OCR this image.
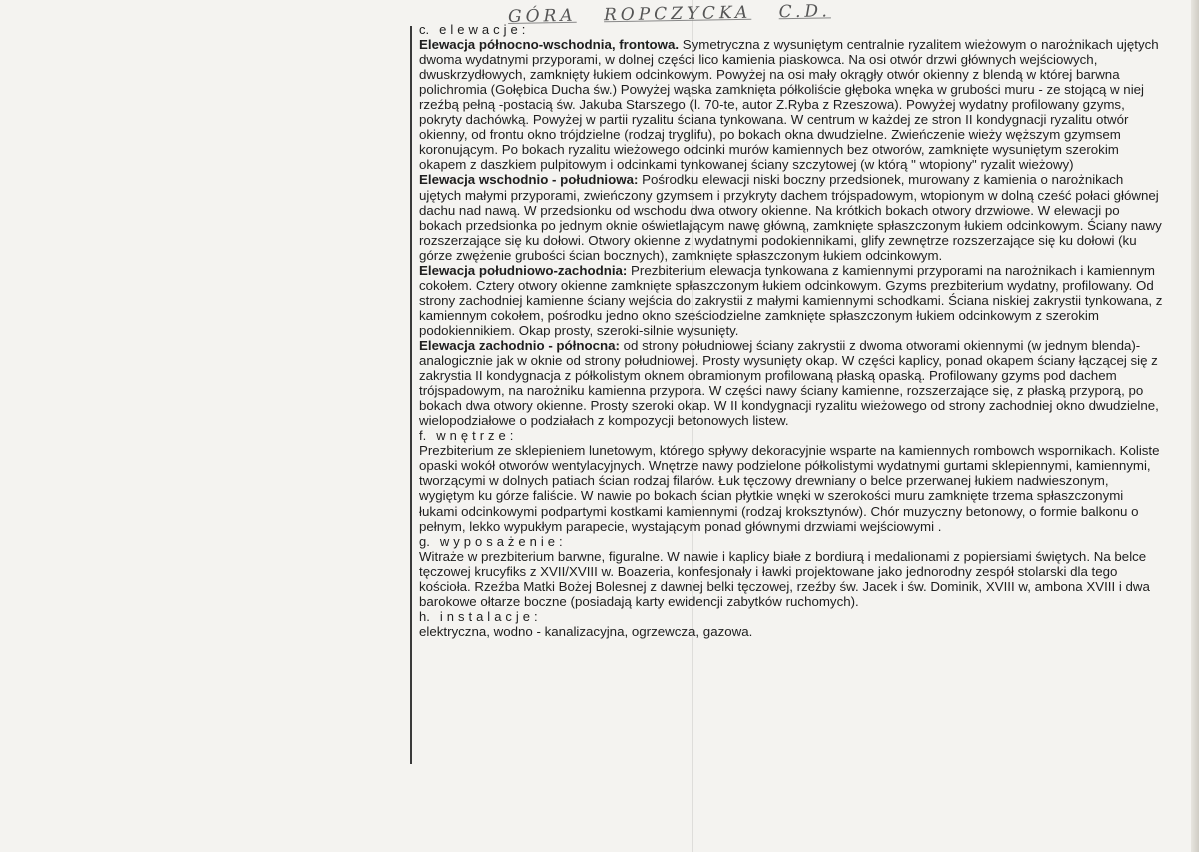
GÓRA ROPCZYCKA C.D.

c. elewacje:

Elewacja północno-wschodnia, frontowa. Symetryczna z wysuniętym centralnie ryzalitem wieżowym o narożnikach ujętych dwoma wydatnymi przyporami, w dolnej części lico kamienia piaskowca. Na osi otwór drzwi głównych wejściowych, dwuskrzydłowych, zamknięty łukiem odcinkowym. Powyżej na osi mały okrągły otwór okienny z blendą w której barwna polichromia (Gołębica Ducha św.) Powyżej wąska zamknięta półkoliście głęboka wnęka w grubości muru - ze stojącą w niej rzeźbą pełną -postacią św. Jakuba Starszego (l. 70-te, autor Z.Ryba z Rzeszowa). Powyżej wydatny profilowany gzyms, pokryty dachówką. Powyżej w partii ryzalitu ściana tynkowana. W centrum w każdej ze stron II kondygnacji ryzalitu otwór okienny, od frontu okno trójdzielne (rodzaj tryglifu), po bokach okna dwudzielne. Zwieńczenie wieży węższym gzymsem koronującym. Po bokach ryzalitu wieżowego odcinki murów kamiennych bez otworów, zamknięte wysuniętym szerokim okapem z daszkiem pulpitowym i odcinkami tynkowanej ściany szczytowej (w którą " wtopiony" ryzalit wieżowy)

Elewacja wschodnio - południowa: Pośrodku elewacji niski boczny przedsionek, murowany z kamienia o narożnikach ujętych małymi przyporami, zwieńczony gzymsem i przykryty dachem trójspadowym, wtopionym w dolną cześć połaci głównej dachu nad nawą. W przedsionku od wschodu dwa otwory okienne. Na krótkich bokach otwory drzwiowe. W elewacji po bokach przedsionka po jednym oknie oświetlającym nawę główną, zamknięte spłaszczonym łukiem odcinkowym. Ściany nawy rozszerzające się ku dołowi. Otwory okienne z wydatnymi podokiennikami, glify zewnętrze rozszerzające się ku dołowi (ku górze zwężenie grubości ścian bocznych), zamknięte spłaszczonym łukiem odcinkowym.

Elewacja południowo-zachodnia: Prezbiterium elewacja tynkowana z kamiennymi przyporami na narożnikach i kamiennym cokołem. Cztery otwory okienne zamknięte spłaszczonym łukiem odcinkowym. Gzyms prezbiterium wydatny, profilowany. Od strony zachodniej kamienne ściany wejścia do zakrystii z małymi kamiennymi schodkami. Ściana niskiej zakrystii tynkowana, z kamiennym cokołem, pośrodku jedno okno sześciodzielne zamknięte spłaszczonym łukiem odcinkowym z szerokim podokiennikiem. Okap prosty, szeroki-silnie wysunięty.

Elewacja zachodnio - północna: od strony południowej ściany zakrystii z dwoma otworami okiennymi (w jednym blenda)-analogicznie jak w oknie od strony południowej. Prosty wysunięty okap. W części kaplicy, ponad okapem ściany łączącej się z zakrystia II kondygnacja z półkolistym oknem obramionym profilowaną płaską opaską. Profilowany gzyms pod dachem trójspadowym, na narożniku kamienna przypora. W części nawy ściany kamienne, rozszerzające się, z płaską przyporą, po bokach dwa otwory okienne. Prosty szeroki okap. W II kondygnacji ryzalitu wieżowego od strony zachodniej okno dwudzielne, wielopodziałowe o podziałach z kompozycji betonowych listew.

f. wnętrze:

Prezbiterium ze sklepieniem lunetowym, którego spływy dekoracyjnie wsparte na kamiennych rombowch wspornikach. Koliste opaski wokół otworów wentylacyjnych. Wnętrze nawy podzielone półkolistymi wydatnymi gurtami sklepiennymi, kamiennymi, tworzącymi w dolnych patiach ścian rodzaj filarów. Łuk tęczowy drewniany o belce przerwanej łukiem nadwieszonym, wygiętym ku górze faliście. W nawie po bokach ścian płytkie wnęki w szerokości muru zamknięte trzema spłaszczonymi łukami odcinkowymi podpartymi kostkami kamiennymi (rodzaj kroksztynów). Chór muzyczny betonowy, o formie balkonu o pełnym, lekko wypukłym parapecie, wystającym ponad głównymi drzwiami wejściowymi .

g. wyposażenie:

Witraże w prezbiterium barwne, figuralne. W nawie i kaplicy białe z bordiurą i medalionami z popiersiami świętych. Na belce tęczowej krucyfiks z XVII/XVIII w. Boazeria, konfesjonały i ławki projektowane jako jednorodny zespół stolarski dla tego kościoła. Rzeźba Matki Bożej Bolesnej z dawnej belki tęczowej, rzeźby św. Jacek i św. Dominik, XVIII w, ambona XVIII i dwa barokowe ołtarze boczne (posiadają karty ewidencji zabytków ruchomych).

h. instalacje:

elektryczna, wodno - kanalizacyjna, ogrzewcza, gazowa.
